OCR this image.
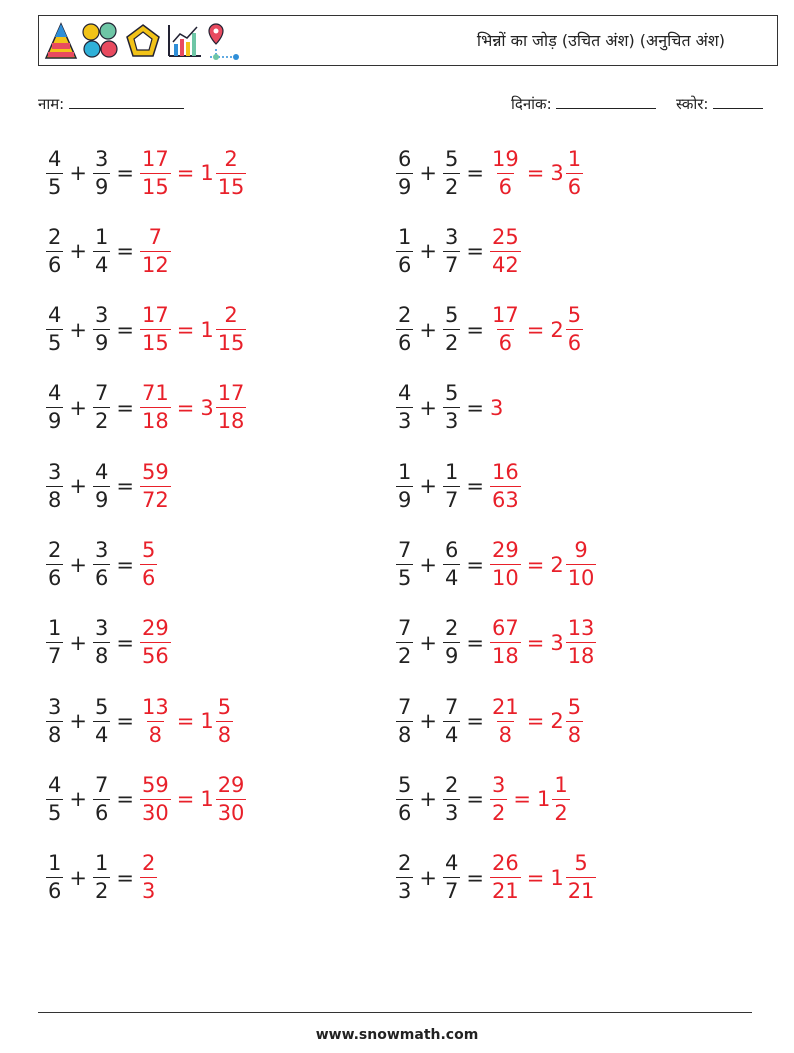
भिन्नों का जोड़ (उचित अंश) (अनुचित अंश)
नाम:	दिनांक:	स्कोर:
$\frac{4}{5} + \frac{3}{9} = \frac{17}{15} = 1 \frac{2}{15}$
$\frac{2}{6} + \frac{1}{4} = \frac{7}{12}$
$\frac{4}{5} + \frac{3}{9} = \frac{17}{15} = 1 \frac{2}{15}$
$\frac{4}{9} + \frac{7}{2} = \frac{71}{18} = 3 \frac{17}{18}$
$\frac{3}{8} + \frac{4}{9} = \frac{59}{72}$
$\frac{2}{6} + \frac{3}{6} = \frac{5}{6}$
$\frac{1}{7} + \frac{3}{8} = \frac{29}{56}$
$\frac{3}{8} + \frac{5}{4} = \frac{13}{8} = 1 \frac{5}{8}$
$\frac{4}{5} + \frac{7}{6} = \frac{59}{30} = 1 \frac{29}{30}$
$\frac{1}{6} + \frac{1}{2} = \frac{2}{3}$
$\frac{6}{9} + \frac{5}{2} = \frac{19}{6} = 3 \frac{1}{6}$
$\frac{1}{6} + \frac{3}{7} = \frac{25}{42}$
$\frac{2}{6} + \frac{5}{2} = \frac{17}{6} = 2 \frac{5}{6}$
$\frac{4}{3} + \frac{5}{3} = 3$
$\frac{1}{9} + \frac{1}{7} = \frac{16}{63}$
$\frac{7}{5} + \frac{6}{4} = \frac{29}{10} = 2 \frac{9}{10}$
$\frac{7}{2} + \frac{2}{9} = \frac{67}{18} = 3 \frac{13}{18}$
$\frac{7}{8} + \frac{7}{4} = \frac{21}{8} = 2 \frac{5}{8}$
$\frac{5}{6} + \frac{2}{3} = \frac{3}{2} = 1 \frac{1}{2}$
$\frac{2}{3} + \frac{4}{7} = \frac{26}{21} = 1 \frac{5}{21}$
www.snowmath.com
